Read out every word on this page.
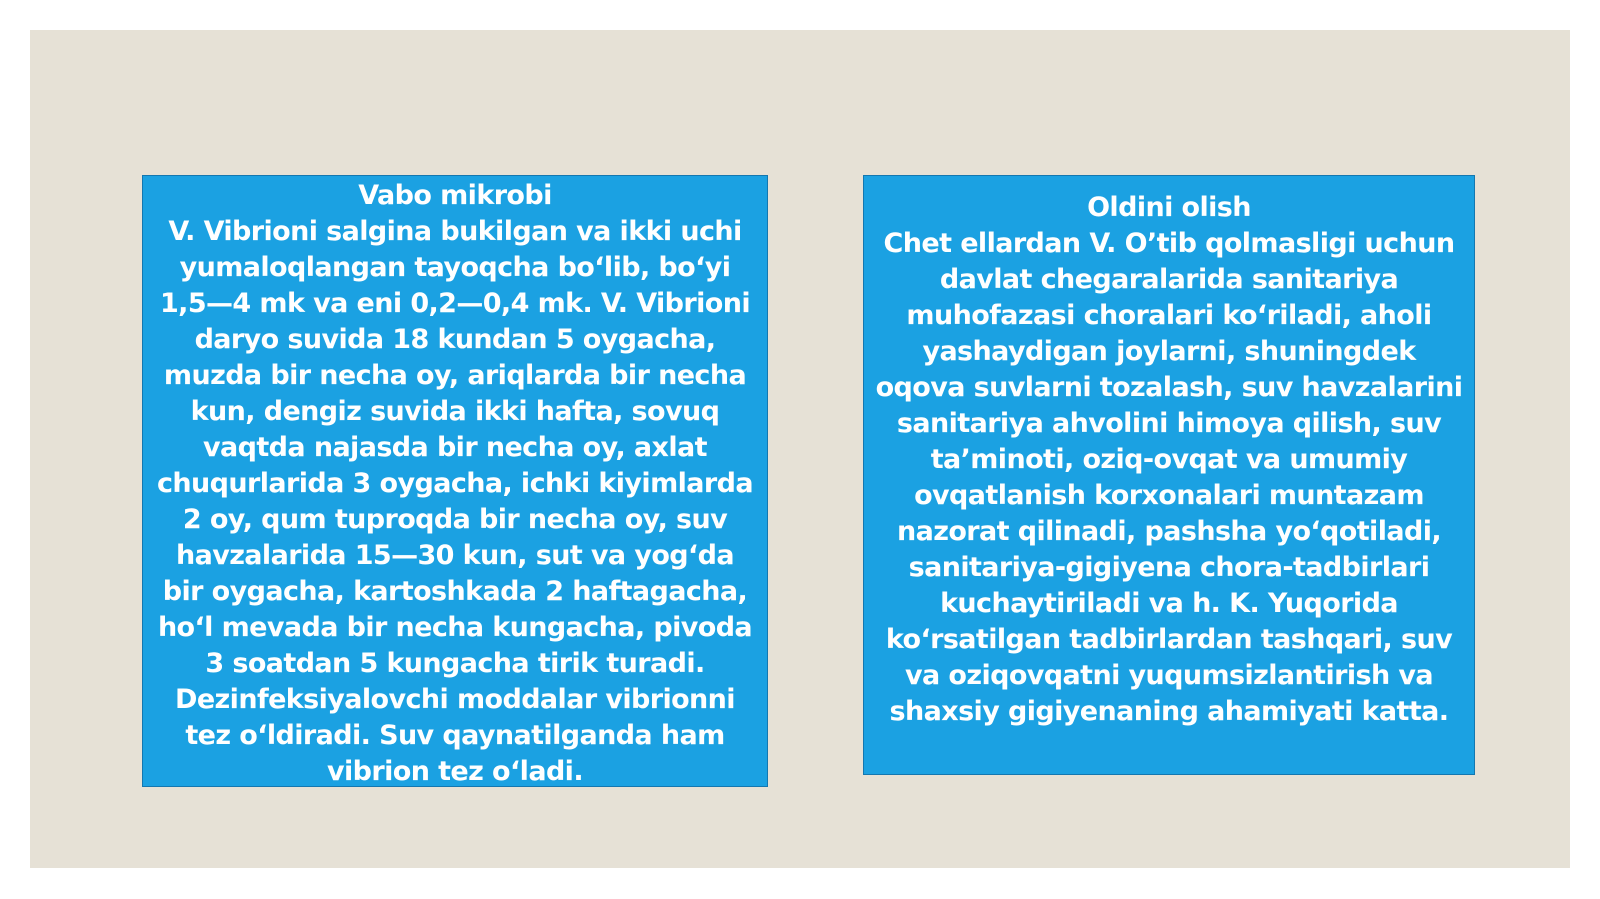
Vabo mikrobi
V. Vibrioni salgina bukilgan va ikki uchi yumaloqlangan tayoqcha bo‘lib, bo‘yi 1,5—4 mk va eni 0,2—0,4 mk. V. Vibrioni daryo suvida 18 kundan 5 oygacha, muzda bir necha oy, ariqlarda bir necha kun, dengiz suvida ikki hafta, sovuq vaqtda najasda bir necha oy, axlat chuqurlarida 3 oygacha, ichki kiyimlarda 2 oy, qum tuproqda bir necha oy, suv havzalarida 15—30 kun, sut va yog‘da bir oygacha, kartoshkada 2 haftagacha, ho‘l mevada bir necha kungacha, pivoda 3 soatdan 5 kungacha tirik turadi. Dezinfeksiyalovchi moddalar vibrionni tez o‘ldiradi. Suv qaynatilganda ham vibrion tez o‘ladi.
Oldini olish
Chet ellardan V. O’tib qolmasligi uchun davlat chegaralarida sanitariya muhofazasi choralari ko‘riladi, aholi yashaydigan joylarni, shuningdek oqova suvlarni tozalash, suv havzalarini sanitariya ahvolini himoya qilish, suv ta’minoti, oziq-ovqat va umumiy ovqatlanish korxonalari muntazam nazorat qilinadi, pashsha yo‘qotiladi, sanitariya-gigiyena chora-tadbirlari kuchaytiriladi va h. K. Yuqorida ko‘rsatilgan tadbirlardan tashqari, suv va oziqovqatni yuqumsizlantirish va shaxsiy gigiyenaning ahamiyati katta.
